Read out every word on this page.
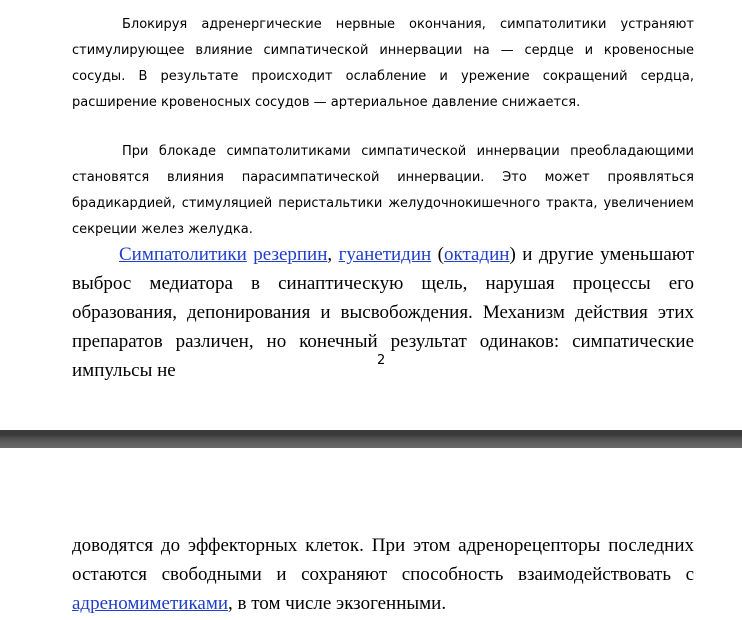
Блокируя адренергические нервные окончания, симпатолитики устраняют стимулирующее влияние симпатической иннервации на — сердце и кровеносные сосуды. В результате происходит ослабление и урежение сокращений сердца, расширение кровеносных сосудов — артериальное давление снижается.

При блокаде симпатолитиками симпатической иннервации преобладающими становятся влияния парасимпатической иннервации. Это может проявляться брадикардией, стимуляцией перистальтики желудочнокишечного тракта, увеличением секреции желез желудка.

Симпатолитики резерпин, гуанетидин (октадин) и другие уменьшают выброс медиатора в синаптическую щель, нарушая процессы его образования, депонирования и высвобождения. Механизм действия этих препаратов различен, но конечный результат одинаков: симпатические импульсы не	2

доводятся до эффекторных клеток. При этом адренорецепторы последних остаются свободными и сохраняют способность взаимодействовать с адреномиметиками, в том числе экзогенными.
